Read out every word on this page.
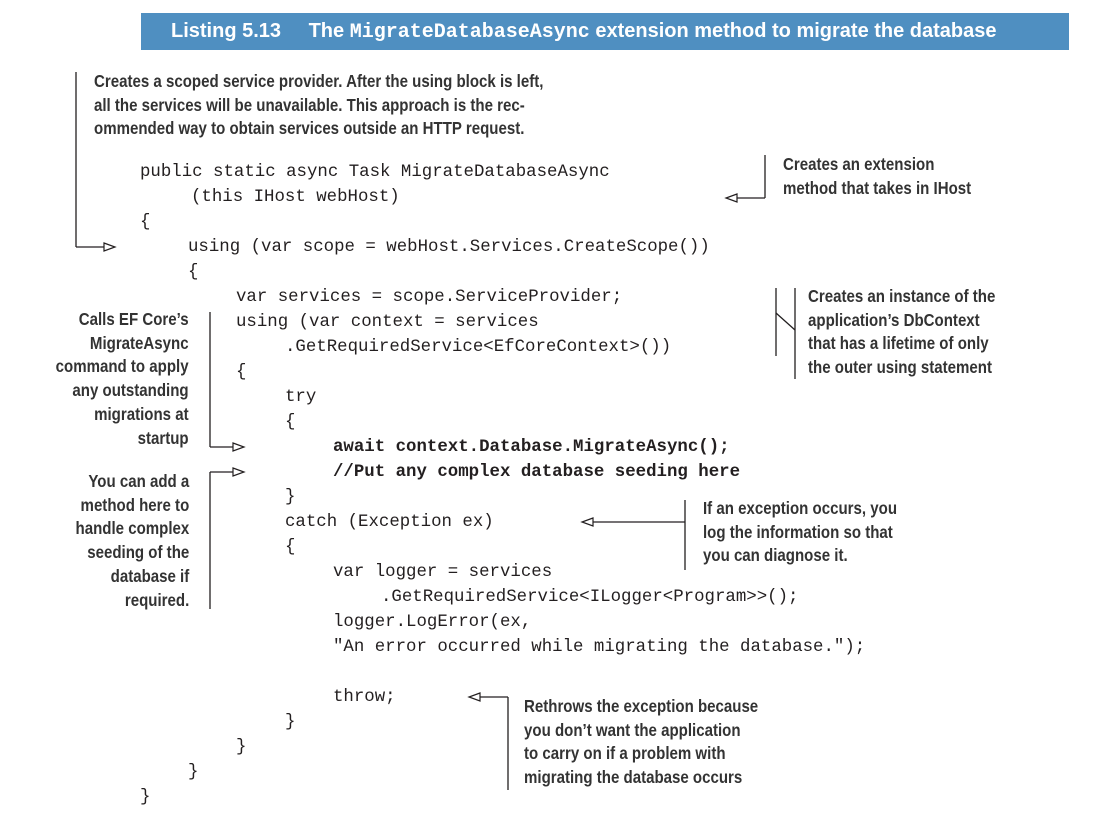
Listing 5.13 The MigrateDatabaseAsync extension method to migrate the database
public static async Task MigrateDatabaseAsync
(this IHost webHost)
{
using (var scope = webHost.Services.CreateScope())
{
var services = scope.ServiceProvider;
using (var context = services
.GetRequiredService<EfCoreContext>())
{
try
{
await context.Database.MigrateAsync();
//Put any complex database seeding here
}
catch (Exception ex)
{
var logger = services
.GetRequiredService<ILogger<Program>>();
logger.LogError(ex,
"An error occurred while migrating the database.");
throw;
}
}
}
}
Creates a scoped service provider. After the using block is left,
all the services will be unavailable. This approach is the rec-
ommended way to obtain services outside an HTTP request.
Creates an extension
method that takes in IHost
Creates an instance of the
application’s DbContext
that has a lifetime of only
the outer using statement
Calls EF Core’s
MigrateAsync
command to apply
any outstanding
migrations at
startup
You can add a
method here to
handle complex
seeding of the
database if
required.
If an exception occurs, you
log the information so that
you can diagnose it.
Rethrows the exception because
you don’t want the application
to carry on if a problem with
migrating the database occurs
